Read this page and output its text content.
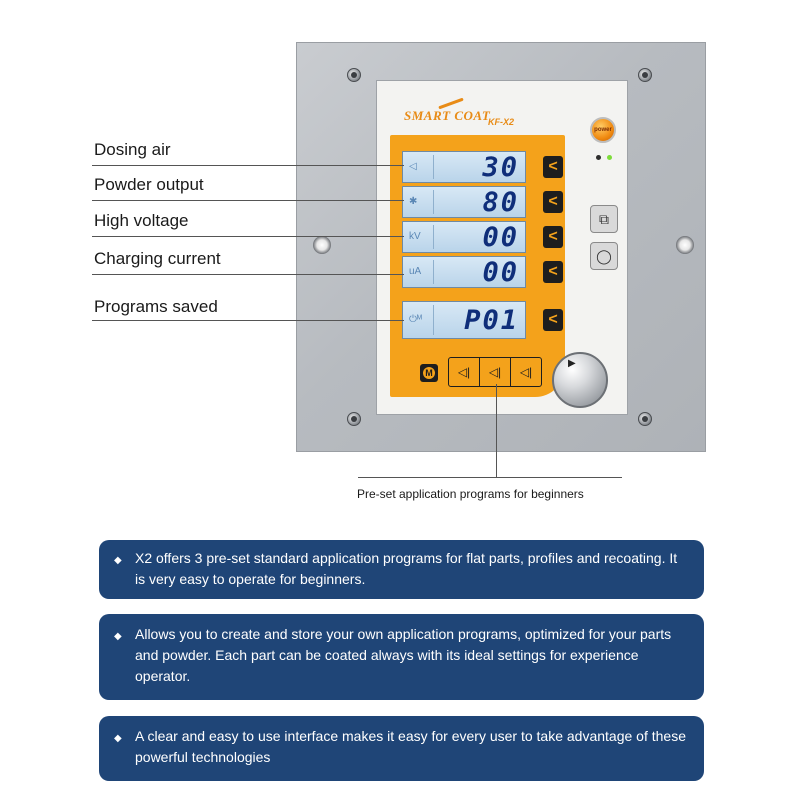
SMART COAT
KF-X2
◁ 30
✱ 80
kV 00
uA 00
⏻ᴹ P01
<
<
<
<
<
M	◁|	◁|	◁|
power
⧉
◯
▶
Dosing air
Powder output
High voltage
Charging current
Programs saved
Pre-set application programs for beginners
◆ X2 offers 3 pre-set standard application programs for flat parts, profiles and recoating. It is very easy to operate for beginners.
◆ Allows you to create and store your own application programs, optimized for your parts and powder. Each part can be coated always with its ideal settings for experience operator.
◆ A clear and easy to use interface makes it easy for every user to take advantage of these powerful technologies
